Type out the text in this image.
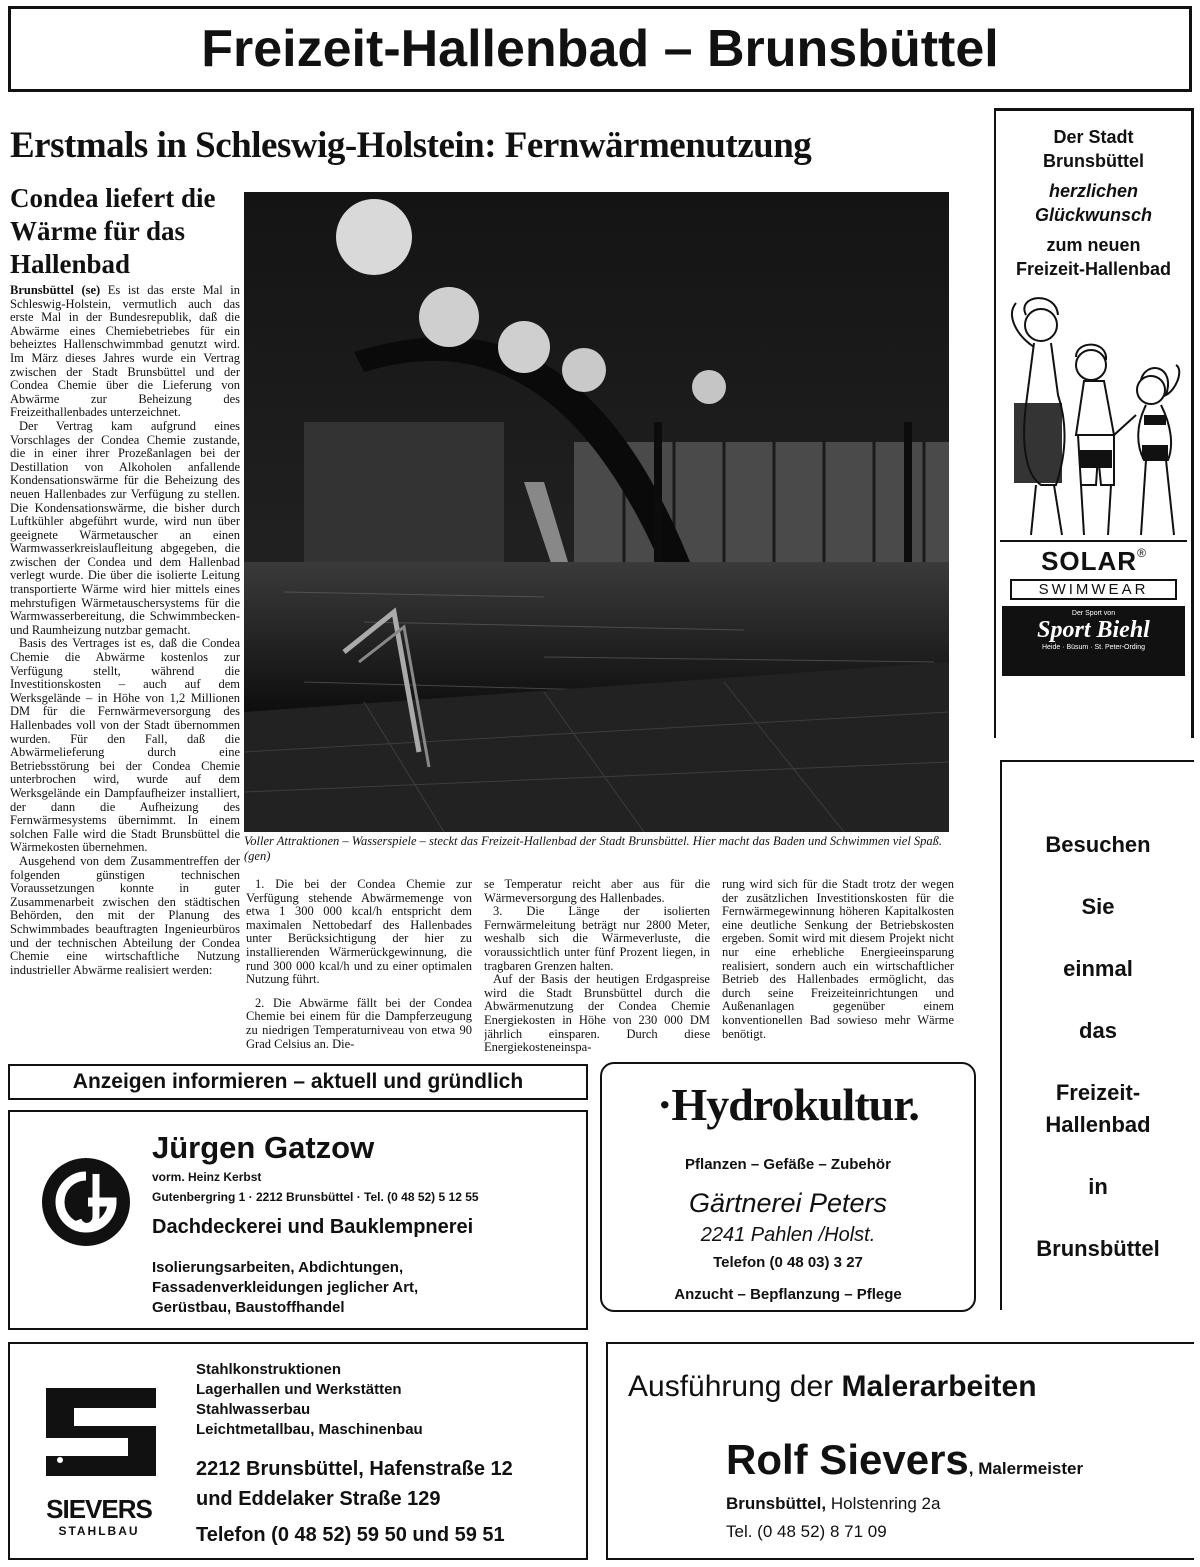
Freizeit-Hallenbad – Brunsbüttel
Erstmals in Schleswig-Holstein: Fernwärmenutzung
Condea liefert die Wärme für das Hallenbad

Brunsbüttel (se) Es ist das erste Mal in Schleswig-Holstein, vermutlich auch das erste Mal in der Bundesrepublik, daß die Abwärme eines Chemiebetriebes für ein beheiztes Hallenschwimmbad genutzt wird. Im März dieses Jahres wurde ein Vertrag zwischen der Stadt Brunsbüttel und der Condea Chemie über die Lieferung von Abwärme zur Beheizung des Freizeithallenbades unterzeichnet.

Der Vertrag kam aufgrund eines Vorschlages der Condea Chemie zustande, die in einer ihrer Prozeßanlagen bei der Destillation von Alkoholen anfallende Kondensationswärme für die Beheizung des neuen Hallenbades zur Verfügung zu stellen. Die Kondensationswärme, die bisher durch Luftkühler abgeführt wurde, wird nun über geeignete Wärmetauscher an einen Warmwasserkreislaufleitung abgegeben, die zwischen der Condea und dem Hallenbad verlegt wurde. Die über die isolierte Leitung transportierte Wärme wird hier mittels eines mehrstufigen Wärmetauschersystems für die Warmwasserbereitung, die Schwimmbecken- und Raumheizung nutzbar gemacht.

Basis des Vertrages ist es, daß die Condea Chemie die Abwärme kostenlos zur Verfügung stellt, während die Investitionskosten – auch auf dem Werksgelände – in Höhe von 1,2 Millionen DM für die Fernwärmeversorgung des Hallenbades voll von der Stadt übernommen wurden. Für den Fall, daß die Abwärmelieferung durch eine Betriebsstörung bei der Condea Chemie unterbrochen wird, wurde auf dem Werksgelände ein Dampfaufheizer installiert, der dann die Aufheizung des Fernwärmesystems übernimmt. In einem solchen Falle wird die Stadt Brunsbüttel die Wärmekosten übernehmen.

Ausgehend von dem Zusammentreffen der folgenden günstigen technischen Voraussetzungen konnte in guter Zusammenarbeit zwischen den städtischen Behörden, den mit der Planung des Schwimmbades beauftragten Ingenieurbüros und der technischen Abteilung der Condea Chemie eine wirtschaftliche Nutzung industrieller Abwärme realisiert werden:

Voller Attraktionen – Wasserspiele – steckt das Freizeit-Hallenbad der Stadt Brunsbüttel. Hier macht das Baden und Schwimmen viel Spaß. (gen)

1. Die bei der Condea Chemie zur Verfügung stehende Abwärmemenge von etwa 1 300 000 kcal/h entspricht dem maximalen Nettobedarf des Hallenbades unter Berücksichtigung der hier zu installierenden Wärmerückgewinnung, die rund 300 000 kcal/h und zu einer optimalen Nutzung führt.

2. Die Abwärme fällt bei der Condea Chemie bei einem für die Dampferzeugung zu niedrigen Temperaturniveau von etwa 90 Grad Celsius an. Die-

se Temperatur reicht aber aus für die Wärmeversorgung des Hallenbades.

3. Die Länge der isolierten Fernwärmeleitung beträgt nur 2800 Meter, weshalb sich die Wärmeverluste, die voraussichtlich unter fünf Prozent liegen, in tragbaren Grenzen halten.

Auf der Basis der heutigen Erdgaspreise wird die Stadt Brunsbüttel durch die Abwärmenutzung der Condea Chemie Energiekosten in Höhe von 230 000 DM jährlich einsparen. Durch diese Energiekosteneinspa-

rung wird sich für die Stadt trotz der wegen der zusätzlichen Investitionskosten für die Fernwärmegewinnung höheren Kapitalkosten eine deutliche Senkung der Betriebskosten ergeben. Somit wird mit diesem Projekt nicht nur eine erhebliche Energieeinsparung realisiert, sondern auch ein wirtschaftlicher Betrieb des Hallenbades ermöglicht, das durch seine Freizeiteinrichtungen und Außenanlagen gegenüber einem konventionellen Bad sowieso mehr Wärme benötigt.

Der Stadt
Brunsbüttel
herzlichen
Glückwunsch
zum neuen
Freizeit-Hallenbad
SOLAR®
SWIMWEAR
Der Sport von
Sport Biehl
Heide · Büsum · St. Peter-Ording
Besuchen
Sie
einmal
das
Freizeit-
Hallenbad
in
Brunsbüttel
Anzeigen informieren – aktuell und gründlich
Jürgen Gatzow
vorm. Heinz Kerbst
Gutenbergring 1 · 2212 Brunsbüttel · Tel. (0 48 52) 5 12 55
Dachdeckerei und Bauklempnerei
Isolierungsarbeiten, Abdichtungen,
Fassadenverkleidungen jeglicher Art,
Gerüstbau, Baustoffhandel
·Hydrokultur.
Pflanzen – Gefäße – Zubehör
Gärtnerei Peters
2241 Pahlen /Holst.
Telefon (0 48 03) 3 27
Anzucht – Bepflanzung – Pflege
SIEVERS
STAHLBAU
Stahlkonstruktionen
Lagerhallen und Werkstätten
Stahlwasserbau
Leichtmetallbau, Maschinenbau
2212 Brunsbüttel, Hafenstraße 12
und Eddelaker Straße 129
Telefon (0 48 52) 59 50 und 59 51
Ausführung der Malerarbeiten
Rolf Sievers, Malermeister
Brunsbüttel, Holstenring 2a
Tel. (0 48 52) 8 71 09
